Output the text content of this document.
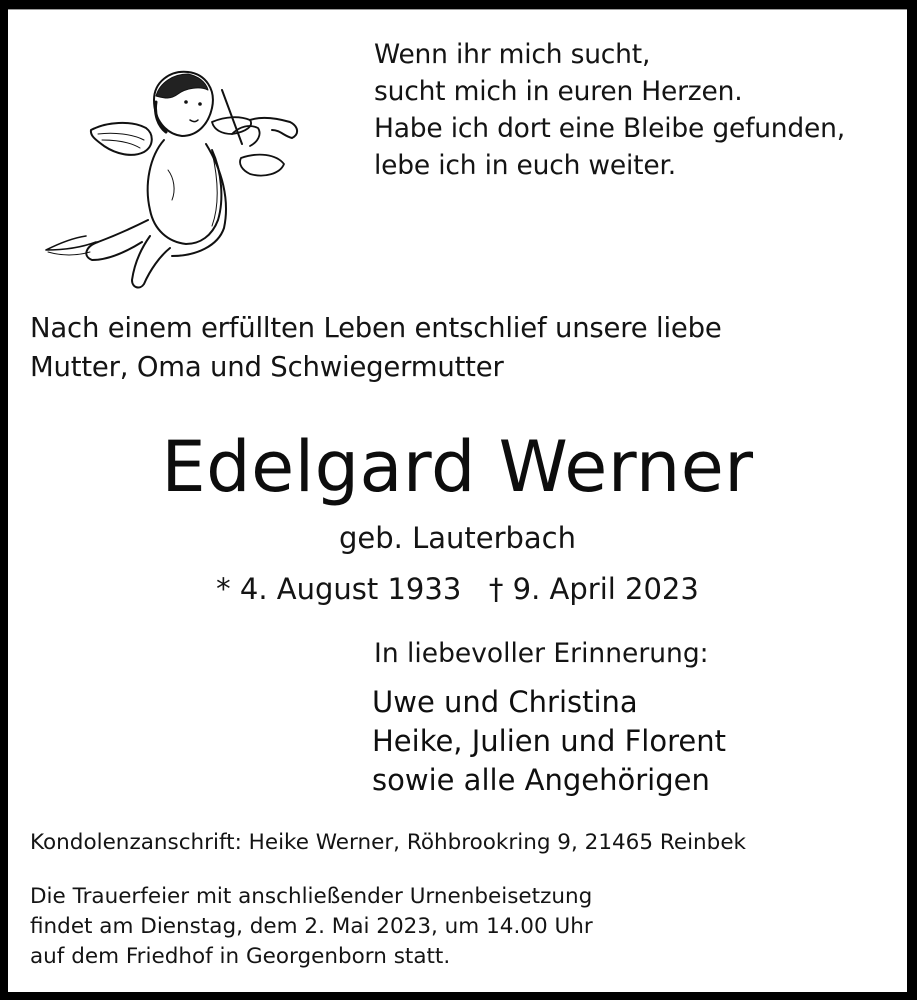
Wenn ihr mich sucht,
sucht mich in euren Herzen.
Habe ich dort eine Bleibe gefunden,
lebe ich in euch weiter.
Nach einem erfüllten Leben entschlief unsere liebe
Mutter, Oma und Schwiegermutter
Edelgard Werner
geb. Lauterbach
* 4. August 1933   † 9. April 2023
In liebevoller Erinnerung:
Uwe und Christina
Heike, Julien und Florent
sowie alle Angehörigen
Kondolenzanschrift: Heike Werner, Röhbrookring 9, 21465 Reinbek
Die Trauerfeier mit anschließender Urnenbeisetzung
findet am Dienstag, dem 2. Mai 2023, um 14.00 Uhr
auf dem Friedhof in Georgenborn statt.
